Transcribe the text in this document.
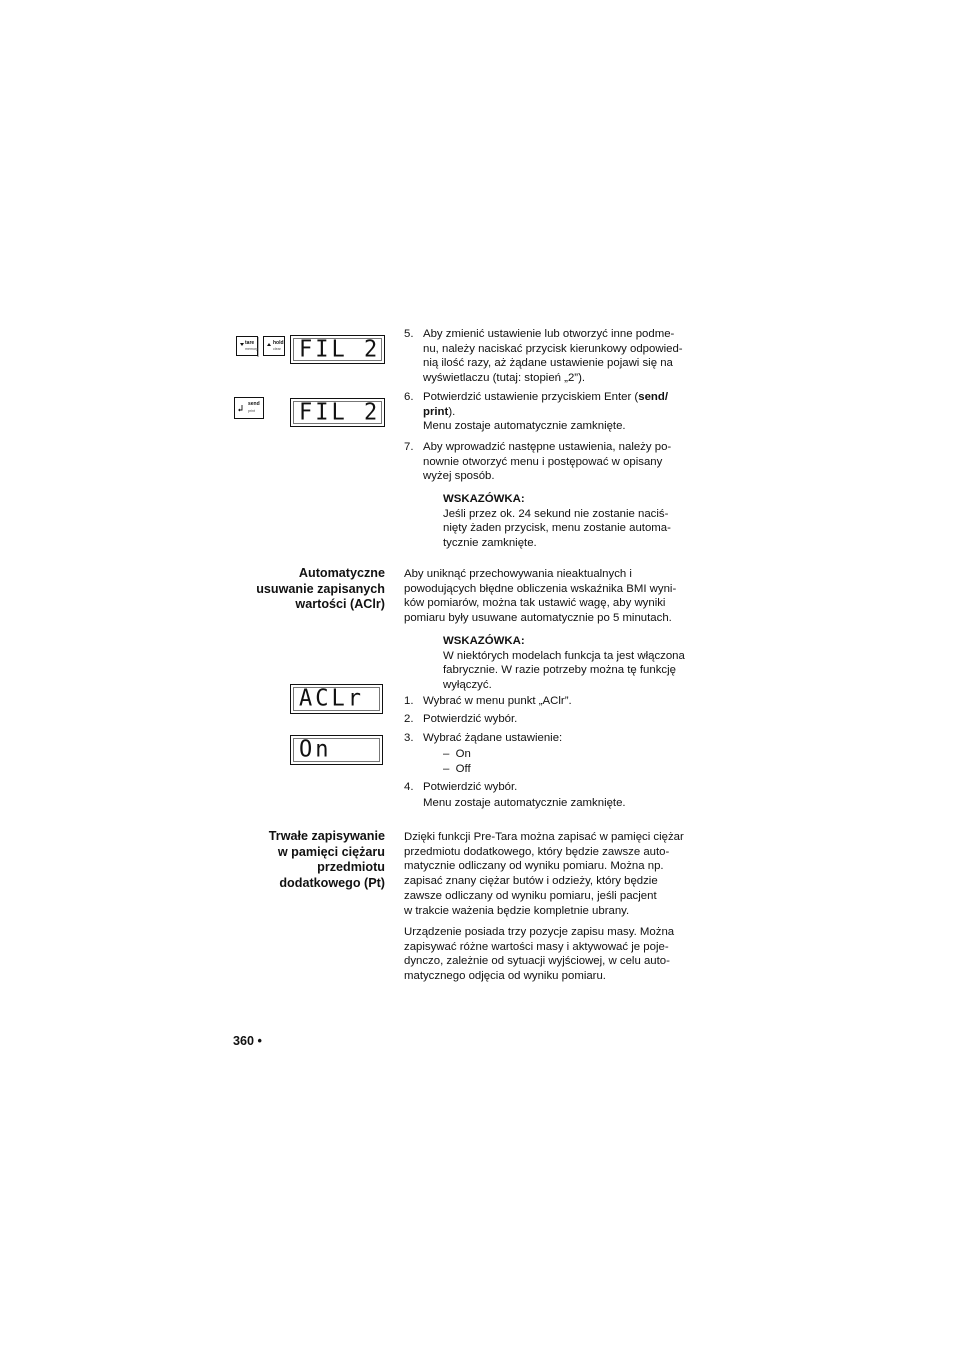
tare
memory
hold
clear FIL 2
send
print FIL 2
5. Aby zmienić ustawienie lub otworzyć inne podme-
nu, należy naciskać przycisk kierunkowy odpowied-
nią ilość razy, aż żądane ustawienie pojawi się na
wyświetlaczu (tutaj: stopień „2”).
6. Potwierdzić ustawienie przyciskiem Enter (send/
print).
Menu zostaje automatycznie zamknięte.
7. Aby wprowadzić następne ustawienia, należy po-
nownie otworzyć menu i postępować w opisany
wyżej sposób.
WSKAZÓWKA:
Jeśli przez ok. 24 sekund nie zostanie naciś-
nięty żaden przycisk, menu zostanie automa-
tycznie zamknięte.
Automatyczne
usuwanie zapisanych
wartości (AClr)
Aby uniknąć przechowywania nieaktualnych i
powodujących błędne obliczenia wskaźnika BMI wyni-
ków pomiarów, można tak ustawić wagę, aby wyniki
pomiaru były usuwane automatycznie po 5 minutach.
WSKAZÓWKA:
W niektórych modelach funkcja ta jest włączona
fabrycznie. W razie potrzeby można tę funkcję
wyłączyć.
ACLr	1. Wybrać w menu punkt „AClr”.
2. Potwierdzić wybór.
On	3. Wybrać żądane ustawienie:
–  On
–  Off
4. Potwierdzić wybór.
Menu zostaje automatycznie zamknięte.
Trwałe zapisywanie
w pamięci ciężaru
przedmiotu
dodatkowego (Pt)
Dzięki funkcji Pre-Tara można zapisać w pamięci ciężar
przedmiotu dodatkowego, który będzie zawsze auto-
matycznie odliczany od wyniku pomiaru. Można np.
zapisać znany ciężar butów i odzieży, który będzie
zawsze odliczany od wyniku pomiaru, jeśli pacjent
w trakcie ważenia będzie kompletnie ubrany.
Urządzenie posiada trzy pozycje zapisu masy. Można
zapisywać różne wartości masy i aktywować je poje-
dynczo, zależnie od sytuacji wyjściowej, w celu auto-
matycznego odjęcia od wyniku pomiaru.
360 •
